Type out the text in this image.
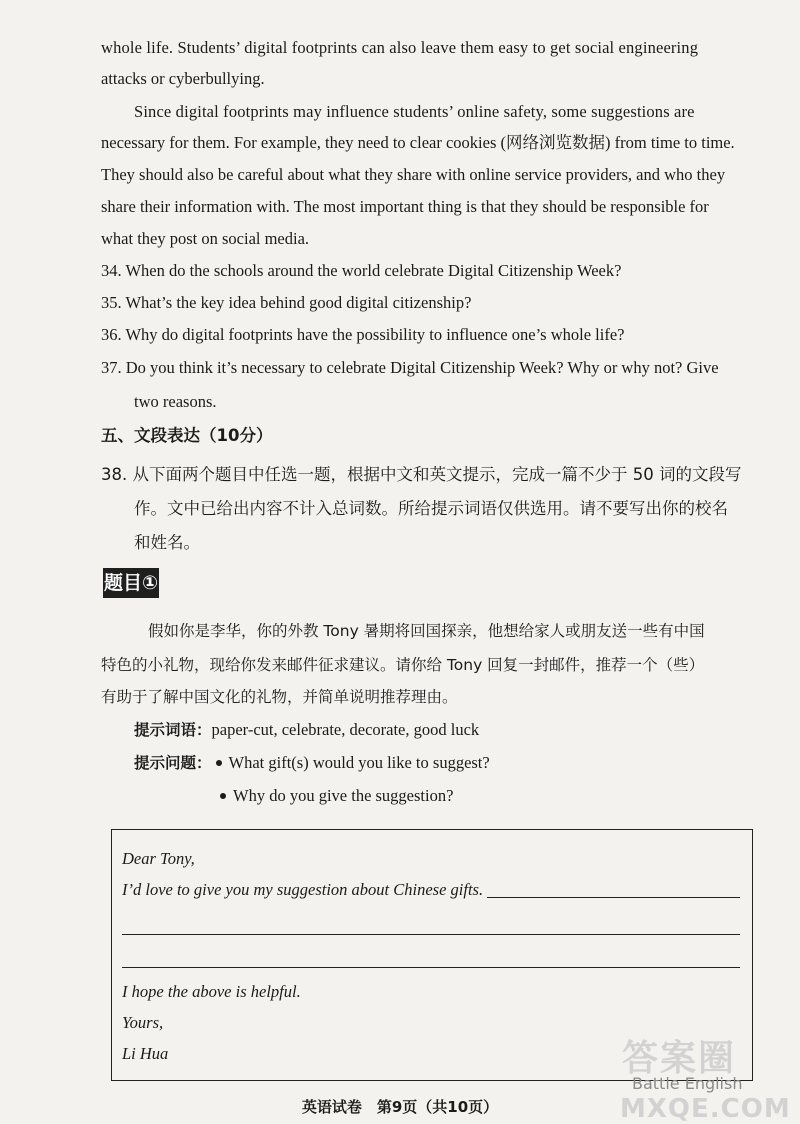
whole life. Students’ digital footprints can also leave them easy to get social engineering
attacks or cyberbullying.
Since digital footprints may influence students’ online safety, some suggestions are
necessary for them. For example, they need to clear cookies (网络浏览数据) from time to time.
They should also be careful about what they share with online service providers, and who they
share their information with. The most important thing is that they should be responsible for
what they post on social media.
34. When do the schools around the world celebrate Digital Citizenship Week?
35. What’s the key idea behind good digital citizenship?
36. Why do digital footprints have the possibility to influence one’s whole life?
37. Do you think it’s necessary to celebrate Digital Citizenship Week? Why or why not? Give
two reasons.
五、文段表达（10分）
38. 从下面两个题目中任选一题，根据中文和英文提示，完成一篇不少于 50 词的文段写
作。文中已给出内容不计入总词数。所给提示词语仅供选用。请不要写出你的校名
和姓名。
题目①
假如你是李华，你的外教 Tony 暑期将回国探亲，他想给家人或朋友送一些有中国
特色的小礼物，现给你发来邮件征求建议。请你给 Tony 回复一封邮件，推荐一个（些）
有助于了解中国文化的礼物，并简单说明推荐理由。
提示词语：paper-cut, celebrate, decorate, good luck
提示问题： What gift(s) would you like to suggest?
Why do you give the suggestion?
Dear Tony,
I’d love to give you my suggestion about Chinese gifts.
I hope the above is helpful.
Yours,
Li Hua
英语试卷　第9页（共10页）
答案圈
Battle English
MXQE.COM
